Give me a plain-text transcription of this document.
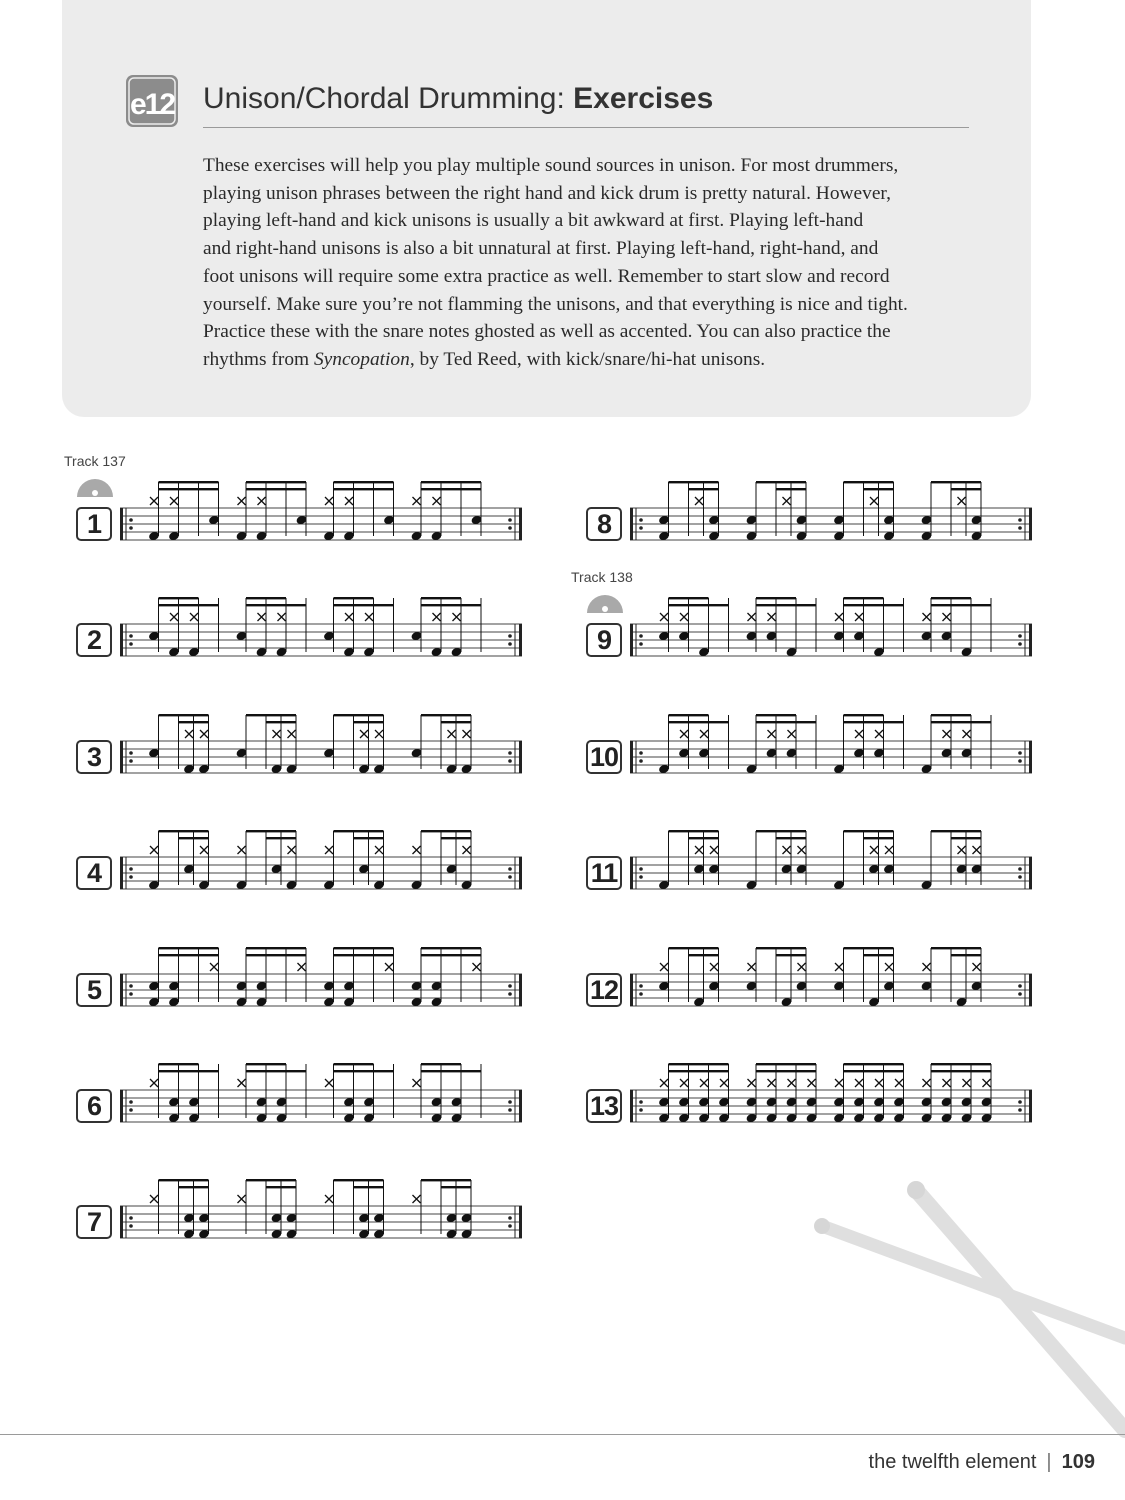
e12 Unison/Chordal Drumming: Exercises

These exercises will help you play multiple sound sources in unison. For most drummers,
playing unison phrases between the right hand and kick drum is pretty natural. However,
playing left-hand and kick unisons is usually a bit awkward at first. Playing left-hand
and right-hand unisons is also a bit unnatural at first. Playing left-hand, right-hand, and
foot unisons will require some extra practice as well. Remember to start slow and record
yourself. Make sure you’re not flamming the unisons, and that everything is nice and tight.
Practice these with the snare notes ghosted as well as accented. You can also practice the
rhythms from Syncopation, by Ted Reed, with kick/snare/hi-hat unisons.

Track 137
Track 138
the twelfth element | 109
1
2
3
4
5
6
7
8
9
10
11
12
13
